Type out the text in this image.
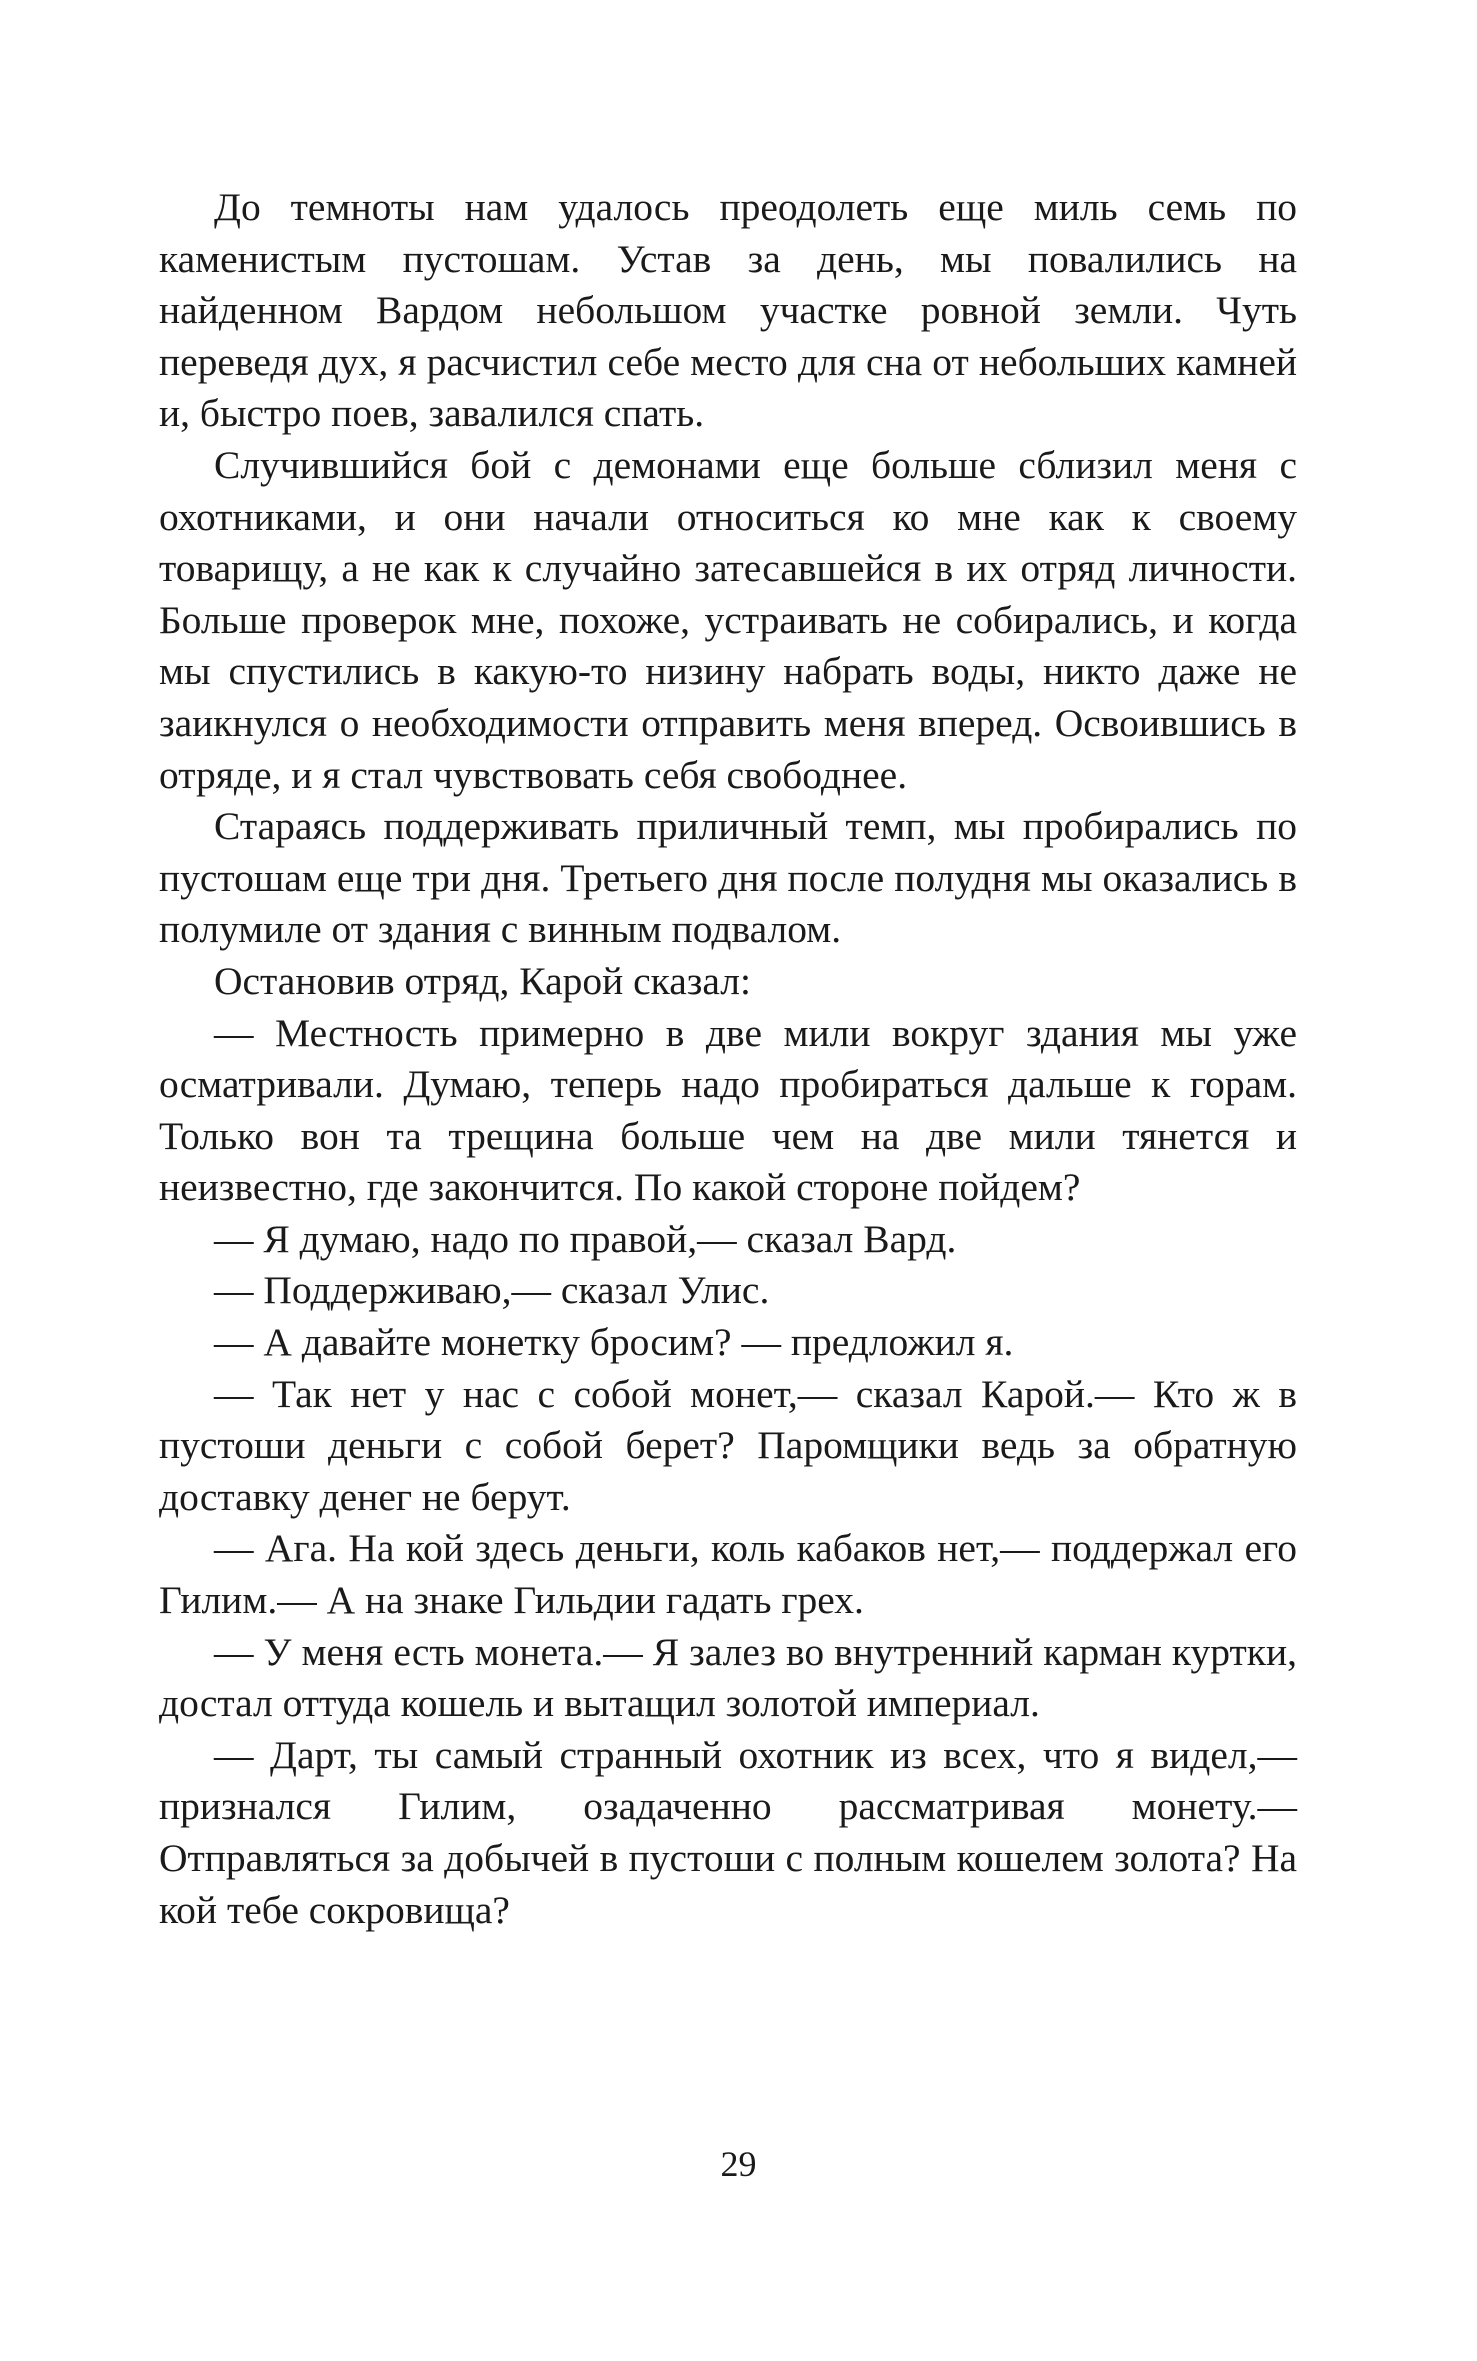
До темноты нам удалось преодолеть еще миль семь по каменистым пустошам. Устав за день, мы повалились на найденном Вардом небольшом участке ровной земли. Чуть переведя дух, я расчистил себе место для сна от небольших камней и, быстро поев, завалился спать.

Случившийся бой с демонами еще больше сблизил меня с охотниками, и они начали относиться ко мне как к своему товарищу, а не как к случайно затесавшейся в их отряд личности. Больше проверок мне, похоже, устраивать не собирались, и когда мы спустились в какую-то низину набрать воды, никто даже не заикнулся о необходимости отправить меня вперед. Освоившись в отряде, и я стал чувствовать себя свободнее.

Стараясь поддерживать приличный темп, мы пробирались по пустошам еще три дня. Третьего дня после полудня мы оказались в полумиле от здания с винным подвалом.

Остановив отряд, Карой сказал:

— Местность примерно в две мили вокруг здания мы уже осматривали. Думаю, теперь надо пробираться дальше к горам. Только вон та трещина больше чем на две мили тянется и неизвестно, где закончится. По какой стороне пойдем?

— Я думаю, надо по правой,— сказал Вард.

— Поддерживаю,— сказал Улис.

— А давайте монетку бросим? — предложил я.

— Так нет у нас с собой монет,— сказал Карой.— Кто ж в пустоши деньги с собой берет? Паромщики ведь за обратную доставку денег не берут.

— Ага. На кой здесь деньги, коль кабаков нет,— поддержал его Гилим.— А на знаке Гильдии гадать грех.

— У меня есть монета.— Я залез во внутренний карман куртки, достал оттуда кошель и вытащил золотой империал.

— Дарт, ты самый странный охотник из всех, что я видел,— признался Гилим, озадаченно рассматривая монету.— Отправляться за добычей в пустоши с полным кошелем золота? На кой тебе сокровища?

29
